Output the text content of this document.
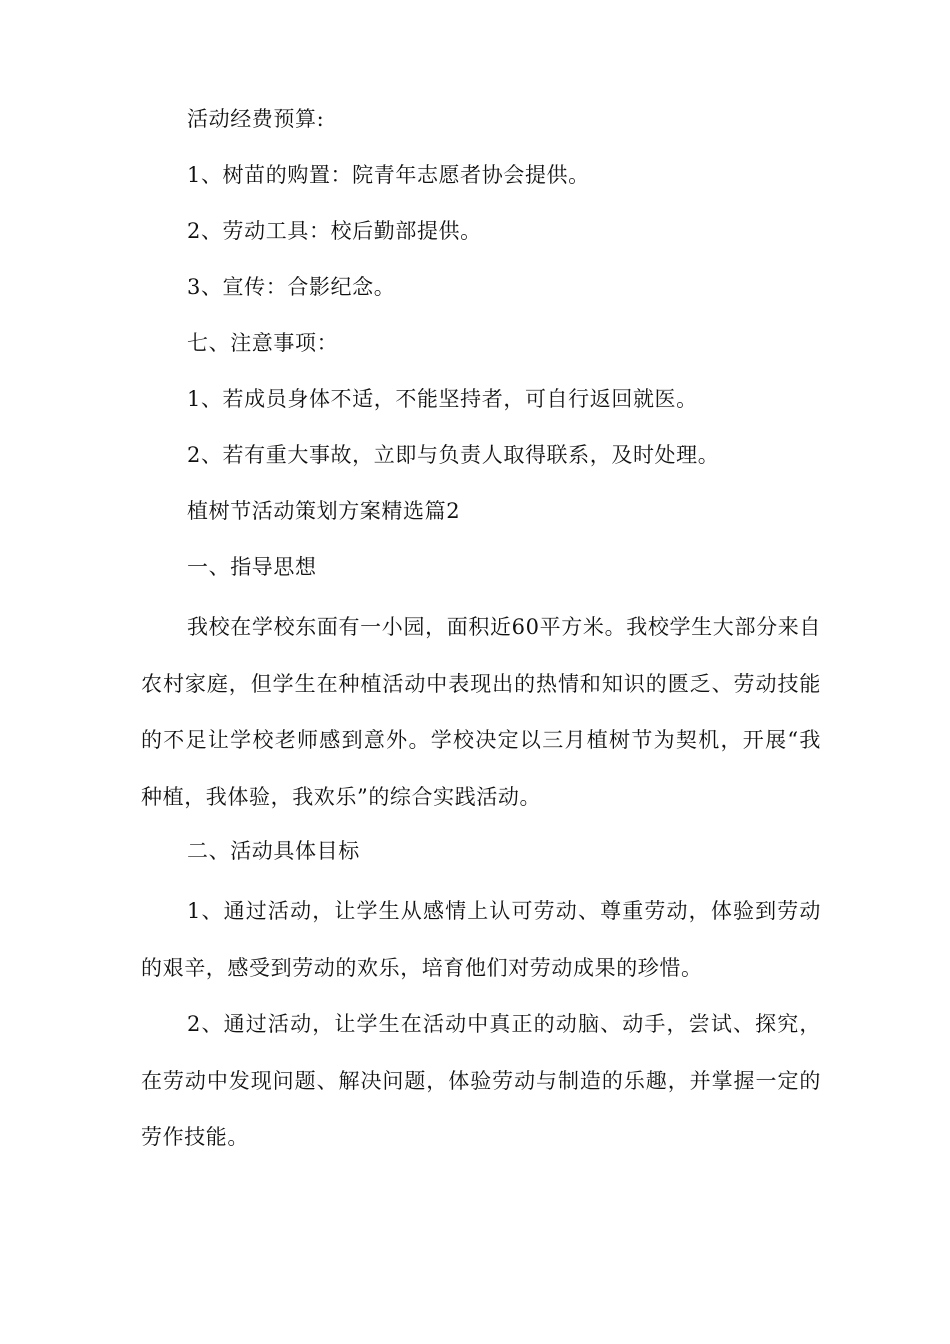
活动经费预算:

1、树苗的购置：院青年志愿者协会提供。

2、劳动工具：校后勤部提供。

3、宣传：合影纪念。

七、注意事项：

1、若成员身体不适，不能坚持者，可自行返回就医。

2、若有重大事故，立即与负责人取得联系，及时处理。

植树节活动策划方案精选篇2

一、指导思想

我校在学校东面有一小园，面积近60平方米。我校学生大部分来自农村家庭，但学生在种植活动中表现出的热情和知识的匮乏、劳动技能的不足让学校老师感到意外。学校决定以三月植树节为契机，开展“我种植，我体验，我欢乐”的综合实践活动。

二、活动具体目标

1、通过活动，让学生从感情上认可劳动、尊重劳动，体验到劳动的艰辛，感受到劳动的欢乐，培育他们对劳动成果的珍惜。

2、通过活动，让学生在活动中真正的动脑、动手，尝试、探究，在劳动中发现问题、解决问题，体验劳动与制造的乐趣，并掌握一定的劳作技能。
